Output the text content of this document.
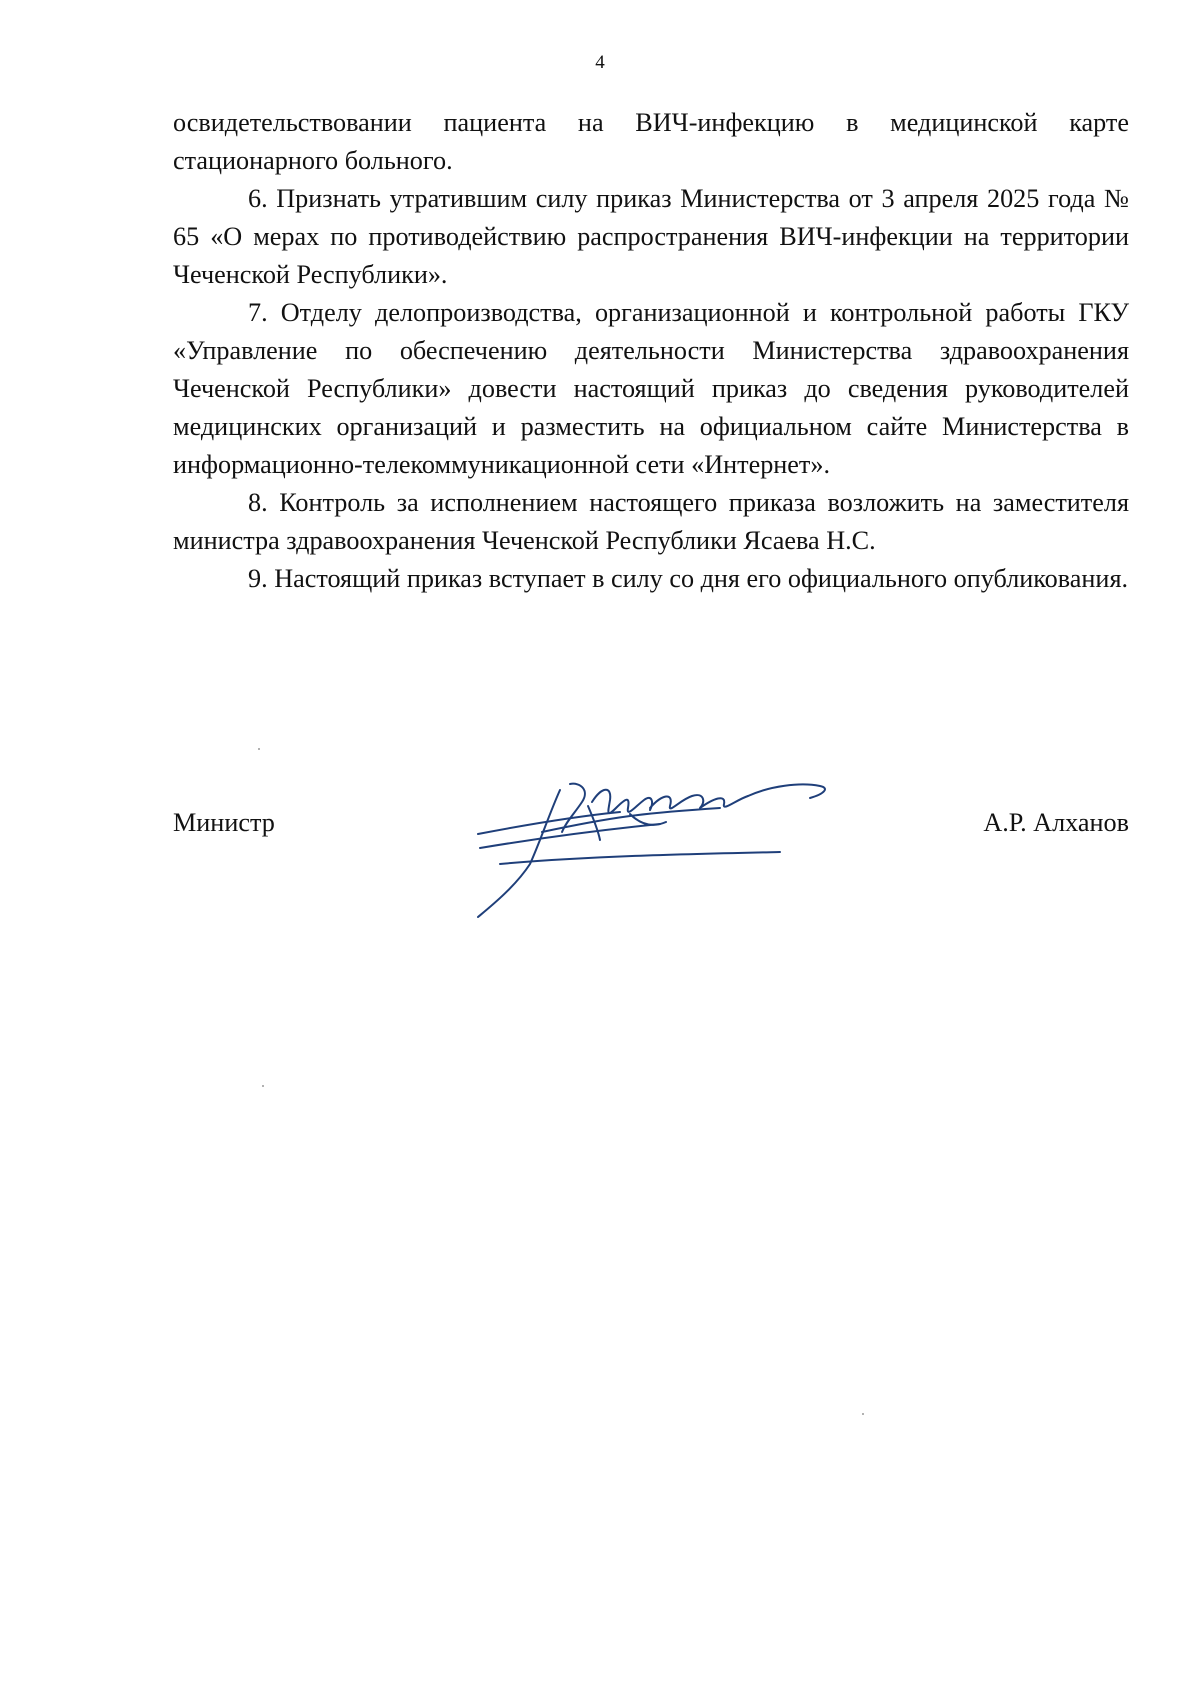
4

освидетельствовании пациента на ВИЧ-инфекцию в медицинской карте стационарного больного.

6. Признать утратившим силу приказ Министерства от 3 апреля 2025 года № 65 «О мерах по противодействию распространения ВИЧ-инфекции на территории Чеченской Республики».

7. Отделу делопроизводства, организационной и контрольной работы ГКУ «Управление по обеспечению деятельности Министерства здравоохранения Чеченской Республики» довести настоящий приказ до сведения руководителей медицинских организаций и разместить на официальном сайте Министерства в информационно-телекоммуникационной сети «Интернет».

8. Контроль за исполнением настоящего приказа возложить на заместителя министра здравоохранения Чеченской Республики Ясаева Н.С.

9. Настоящий приказ вступает в силу со дня его официального опубликования.

Министр	А.Р. Алханов
